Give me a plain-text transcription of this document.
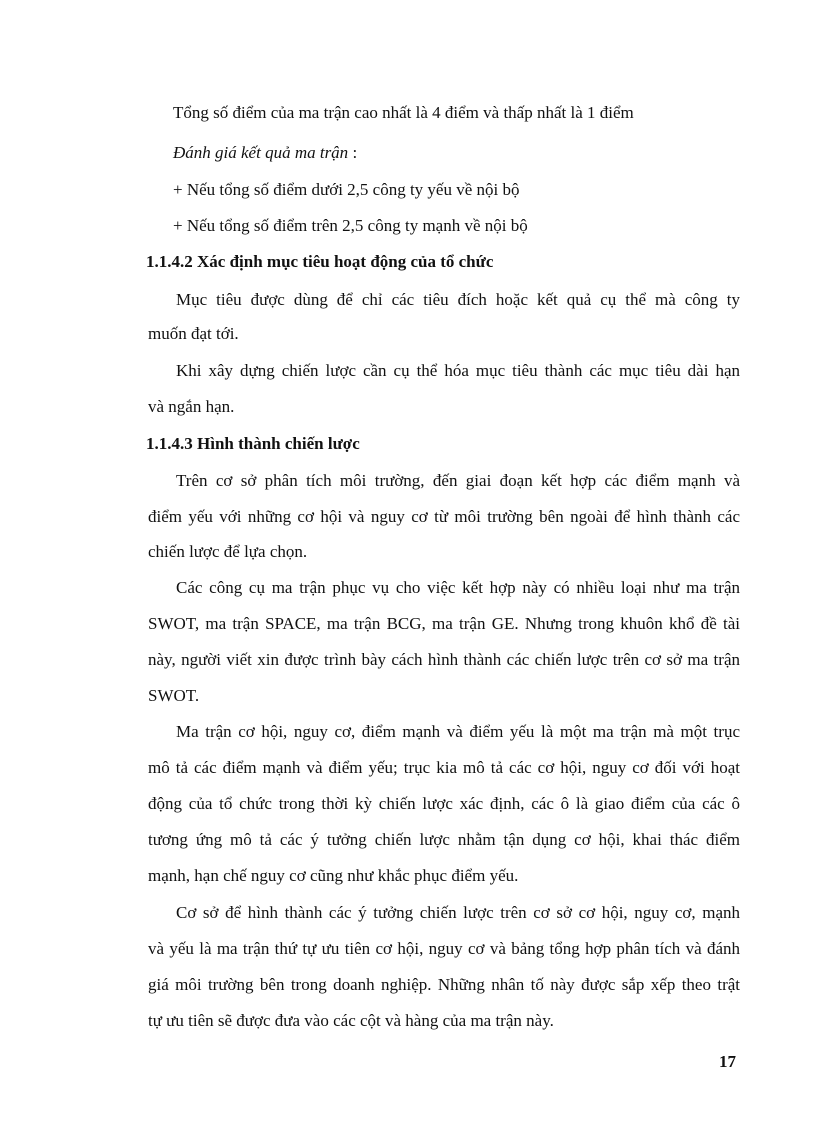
Tổng số điểm của ma trận cao nhất là 4 điểm và thấp nhất là 1 điểm
Đánh giá kết quả ma trận :
+ Nếu tổng số điểm dưới 2,5 công ty yếu về nội bộ
+ Nếu tổng số điểm trên 2,5 công ty mạnh về nội bộ
1.1.4.2 Xác định mục tiêu hoạt động của tổ chức
Mục tiêu được dùng để chỉ các tiêu đích hoặc kết quả cụ thể mà công ty
muốn đạt tới.
Khi xây dựng chiến lược cần cụ thể hóa mục tiêu thành các mục tiêu dài hạn
và ngắn hạn.
1.1.4.3 Hình thành chiến lược
Trên cơ sở phân tích môi trường, đến giai đoạn kết hợp các điểm mạnh và
điểm yếu với những cơ hội và nguy cơ từ môi trường bên ngoài để hình thành các
chiến lược để lựa chọn.
Các công cụ ma trận phục vụ cho việc kết hợp này có nhiều loại như ma trận
SWOT, ma trận SPACE, ma trận BCG, ma trận GE. Nhưng trong khuôn khổ đề tài
này, người viết xin được trình bày cách hình thành các chiến lược trên cơ sở ma trận
SWOT.
Ma trận cơ hội, nguy cơ, điểm mạnh và điểm yếu là một ma trận mà một trục
mô tả các điểm mạnh và điểm yếu; trục kia mô tả các cơ hội, nguy cơ đối với hoạt
động của tổ chức trong thời kỳ chiến lược xác định, các ô là giao điểm của các ô
tương ứng mô tả các ý tưởng chiến lược nhằm tận dụng cơ hội, khai thác điểm
mạnh, hạn chế nguy cơ cũng như khắc phục điểm yếu.
Cơ sở để hình thành các ý tưởng chiến lược trên cơ sở cơ hội, nguy cơ, mạnh
và yếu là ma trận thứ tự ưu tiên cơ hội, nguy cơ và bảng tổng hợp phân tích và đánh
giá môi trường bên trong doanh nghiệp. Những nhân tố này được sắp xếp theo trật
tự ưu tiên sẽ được đưa vào các cột và hàng của ma trận này.
17
